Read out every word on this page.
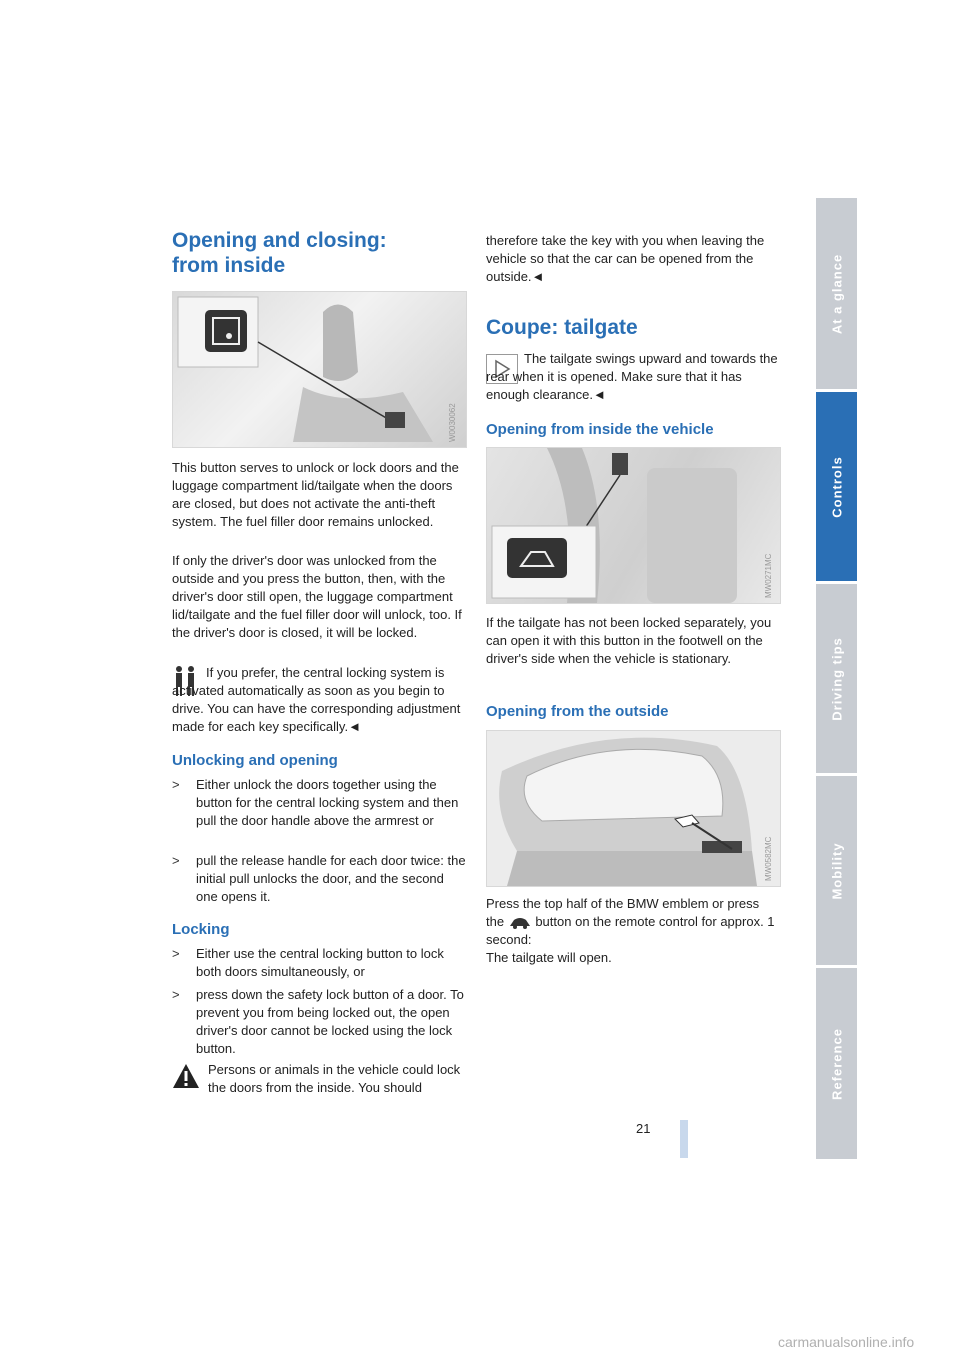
Opening and closing:
from inside
W0030062

This button serves to unlock or lock doors and the luggage compartment lid/tailgate when the doors are closed, but does not activate the anti-theft system. The fuel filler door remains unlocked.

If only the driver's door was unlocked from the outside and you press the button, then, with the driver's door still open, the luggage compartment lid/tailgate and the fuel filler door will unlock, too. If the driver's door is closed, it will be locked.

If you prefer, the central locking system is activated automatically as soon as you begin to drive. You can have the corresponding adjustment made for each key specifically.◄

Unlocking and opening
> Either unlock the doors together using the button for the central locking system and then pull the door handle above the armrest or
> pull the release handle for each door twice: the initial pull unlocks the door, and the second one opens it.
Locking
> Either use the central locking button to lock both doors simultaneously, or
> press down the safety lock button of a door. To prevent you from being locked out, the open driver's door cannot be locked using the lock button.

Persons or animals in the vehicle could lock the doors from the inside. You should

therefore take the key with you when leaving the vehicle so that the car can be opened from the outside.◄

Coupe: tailgate

The tailgate swings upward and towards the rear when it is opened. Make sure that it has enough clearance.◄

Opening from inside the vehicle
MW0271MC

If the tailgate has not been locked separately, you can open it with this button in the footwell on the driver's side when the vehicle is stationary.

Opening from the outside
MW0582MC

Press the top half of the BMW emblem or press the button on the remote control for approx. 1 second:
The tailgate will open.

21
At a glance
Controls
Driving tips
Mobility
Reference
carmanualsonline.info
